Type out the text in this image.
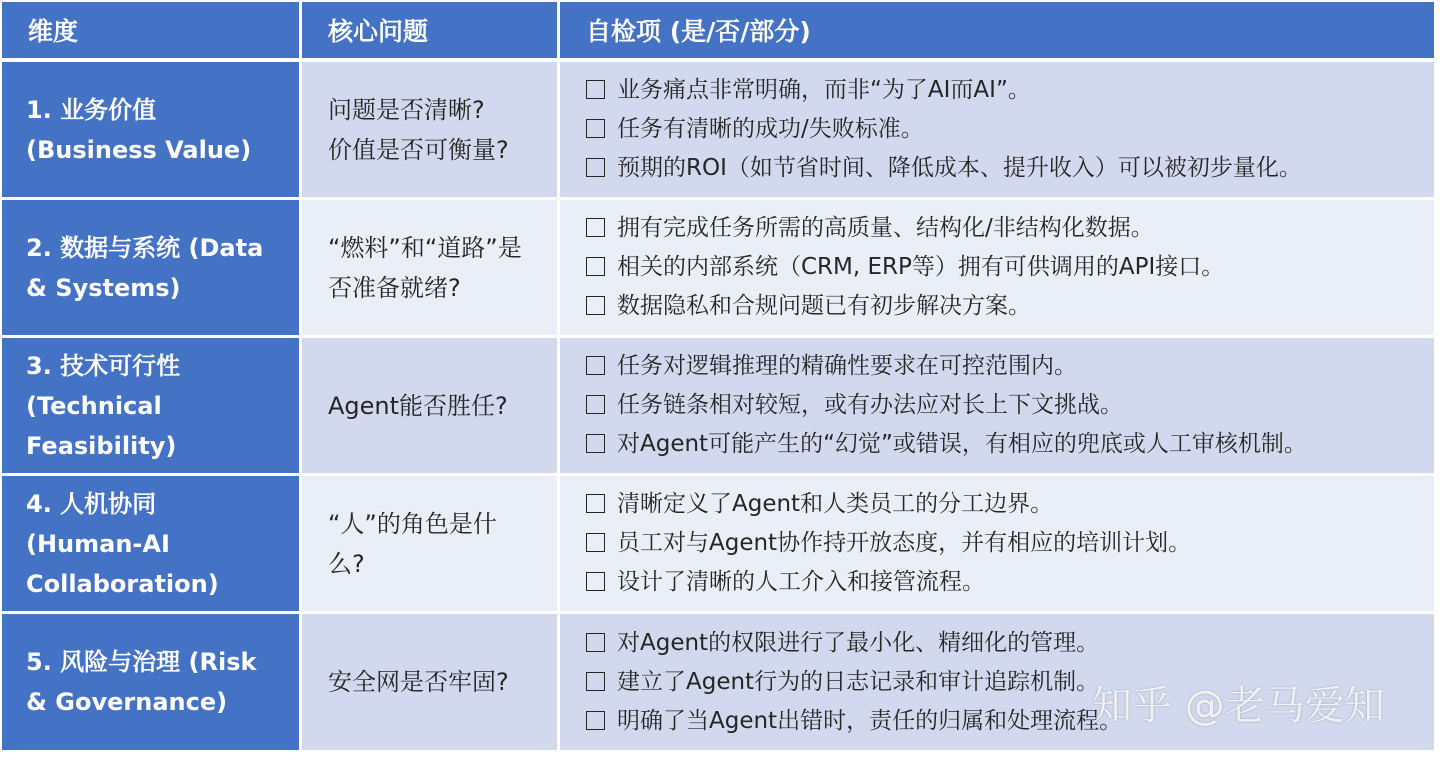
维度	核心问题	自检项 (是/否/部分)
1. 业务价值
(Business Value)
问题是否清晰?
价值是否可衡量?
业务痛点非常明确，而非“为了AI而AI”。
任务有清晰的成功/失败标准。
预期的ROI（如节省时间、降低成本、提升收入）可以被初步量化。
2. 数据与系统 (Data
& Systems)
“燃料”和“道路”是
否准备就绪?
拥有完成任务所需的高质量、结构化/非结构化数据。
相关的内部系统（CRM, ERP等）拥有可供调用的API接口。
数据隐私和合规问题已有初步解决方案。
3. 技术可行性
(Technical
Feasibility)
Agent能否胜任?
任务对逻辑推理的精确性要求在可控范围内。
任务链条相对较短，或有办法应对长上下文挑战。
对Agent可能产生的“幻觉”或错误，有相应的兜底或人工审核机制。
4. 人机协同
(Human-AI
Collaboration)
“人”的角色是什
么?
清晰定义了Agent和人类员工的分工边界。
员工对与Agent协作持开放态度，并有相应的培训计划。
设计了清晰的人工介入和接管流程。
5. 风险与治理 (Risk
& Governance)
安全网是否牢固?
对Agent的权限进行了最小化、精细化的管理。
建立了Agent行为的日志记录和审计追踪机制。
明确了当Agent出错时，责任的归属和处理流程。
知乎 @老马爱知
